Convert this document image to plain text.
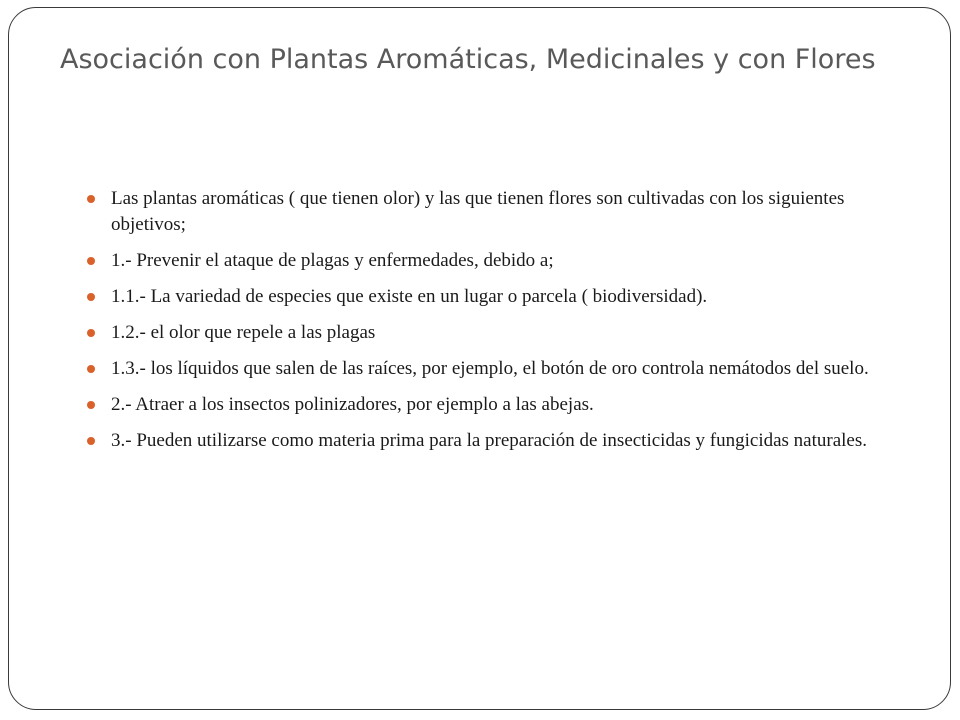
Asociación con Plantas Aromáticas, Medicinales y con Flores
Las plantas aromáticas ( que tienen olor) y las que tienen flores son cultivadas con los siguientes objetivos;
1.- Prevenir el ataque de plagas y enfermedades, debido a;
1.1.- La variedad de especies que existe en un lugar o parcela ( biodiversidad).
1.2.- el olor que repele a las plagas
1.3.- los líquidos que salen de las raíces, por ejemplo, el botón de oro controla nemátodos del suelo.
2.- Atraer a los insectos polinizadores, por ejemplo a las abejas.
3.- Pueden utilizarse como materia prima para la preparación de insecticidas y fungicidas naturales.
